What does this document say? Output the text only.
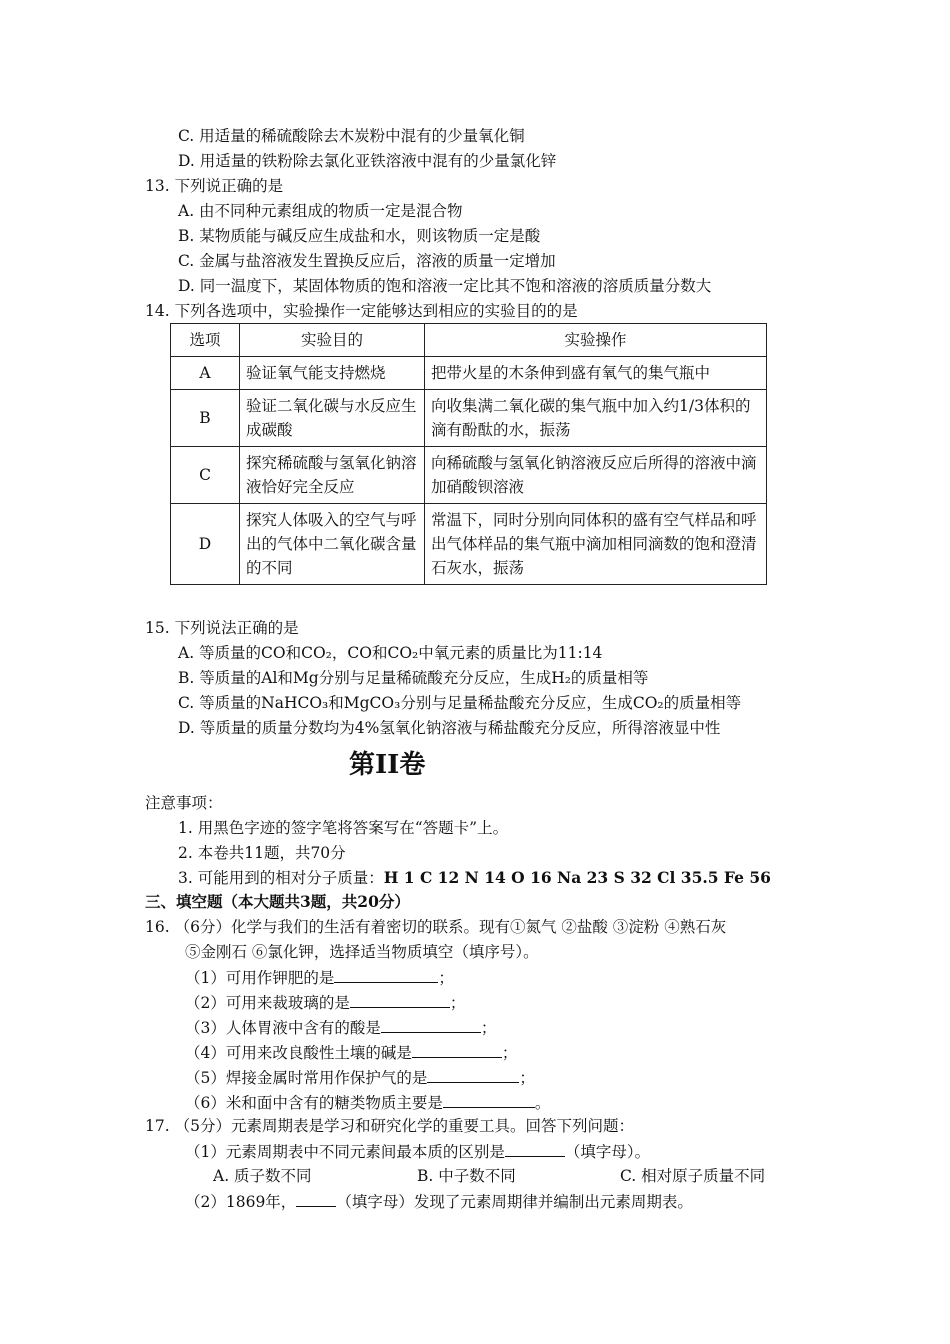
C. 用适量的稀硫酸除去木炭粉中混有的少量氧化铜
D. 用适量的铁粉除去氯化亚铁溶液中混有的少量氯化锌
13. 下列说正确的是
A. 由不同种元素组成的物质一定是混合物
B. 某物质能与碱反应生成盐和水，则该物质一定是酸
C. 金属与盐溶液发生置换反应后，溶液的质量一定增加
D. 同一温度下，某固体物质的饱和溶液一定比其不饱和溶液的溶质质量分数大
14. 下列各选项中，实验操作一定能够达到相应的实验目的的是
选项	实验目的	实验操作
A	验证氧气能支持燃烧	把带火星的木条伸到盛有氧气的集气瓶中
B	验证二氧化碳与水反应生成碳酸	向收集满二氧化碳的集气瓶中加入约1/3体积的滴有酚酞的水，振荡
C	探究稀硫酸与氢氧化钠溶液恰好完全反应	向稀硫酸与氢氧化钠溶液反应后所得的溶液中滴加硝酸钡溶液
D	探究人体吸入的空气与呼出的气体中二氧化碳含量的不同	常温下，同时分别向同体积的盛有空气样品和呼出气体样品的集气瓶中滴加相同滴数的饱和澄清石灰水，振荡
15. 下列说法正确的是
A. 等质量的CO和CO₂，CO和CO₂中氧元素的质量比为11:14
B. 等质量的Al和Mg分别与足量稀硫酸充分反应，生成H₂的质量相等
C. 等质量的NaHCO₃和MgCO₃分别与足量稀盐酸充分反应，生成CO₂的质量相等
D. 等质量的质量分数均为4%氢氧化钠溶液与稀盐酸充分反应，所得溶液显中性
第II卷
注意事项：
1. 用黑色字迹的签字笔将答案写在“答题卡”上。
2. 本卷共11题，共70分
3. 可能用到的相对分子质量：H 1 C 12 N 14 O 16 Na 23 S 32 Cl 35.5 Fe 56
三、填空题（本大题共3题，共20分）
16. （6分）化学与我们的生活有着密切的联系。现有①氮气 ②盐酸 ③淀粉 ④熟石灰
⑤金刚石 ⑥氯化钾，选择适当物质填空（填序号）。
（1）可用作钾肥的是	；
（2）可用来裁玻璃的是	；
（3）人体胃液中含有的酸是	；
（4）可用来改良酸性土壤的碱是	；
（5）焊接金属时常用作保护气的是	；
（6）米和面中含有的糖类物质主要是	。
17. （5分）元素周期表是学习和研究化学的重要工具。回答下列问题：
（1）元素周期表中不同元素间最本质的区别是	（填字母）。
A. 质子数不同	B. 中子数不同	C. 相对原子质量不同
（2）1869年，	（填字母）发现了元素周期律并编制出元素周期表。
